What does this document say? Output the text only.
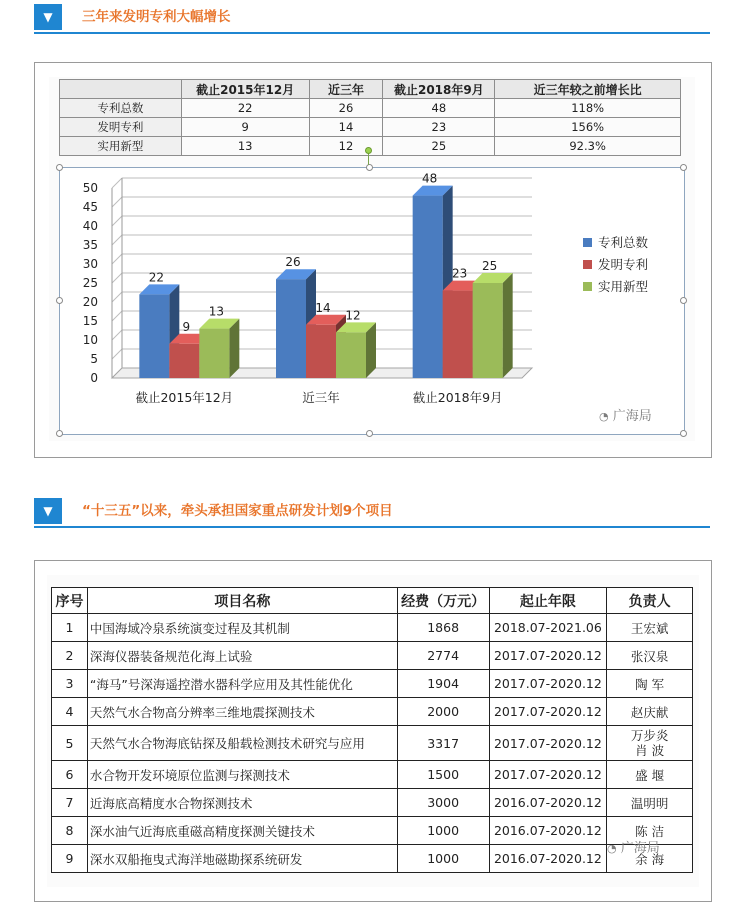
▼	三年来发明专利大幅增长
	截止2015年12月	近三年	截止2018年9月	近三年较之前增长比
专利总数	22	26	48	118%
发明专利	9	14	23	156%
实用新型	13	12	25	92.3%
0
5
10
15
20
25
30
35
40
45
50
22
9
13
截止2015年12月
26
14
12
近三年
48
23
25
截止2018年9月
专利总数
发明专利
实用新型
◔ 广海局
▼	“十三五”以来，牵头承担国家重点研发计划9个项目
序号	项目名称	经费（万元）	起止年限	负责人
1	中国海域冷泉系统演变过程及其机制	1868	2018.07-2021.06	王宏斌
2	深海仪器装备规范化海上试验	2774	2017.07-2020.12	张汉泉
3	“海马”号深海遥控潜水器科学应用及其性能优化	1904	2017.07-2020.12	陶 军
4	天然气水合物高分辨率三维地震探测技术	2000	2017.07-2020.12	赵庆献
5	天然气水合物海底钻探及船载检测技术研究与应用	3317	2017.07-2020.12	万步炎
肖 波

6	水合物开发环境原位监测与探测技术	1500	2017.07-2020.12	盛 堰
7	近海底高精度水合物探测技术	3000	2016.07-2020.12	温明明
8	深水油气近海底重磁高精度探测关键技术	1000	2016.07-2020.12	陈 洁
9	深水双船拖曳式海洋地磁勘探系统研发	1000	2016.07-2020.12	余 海
◔ 广海局
